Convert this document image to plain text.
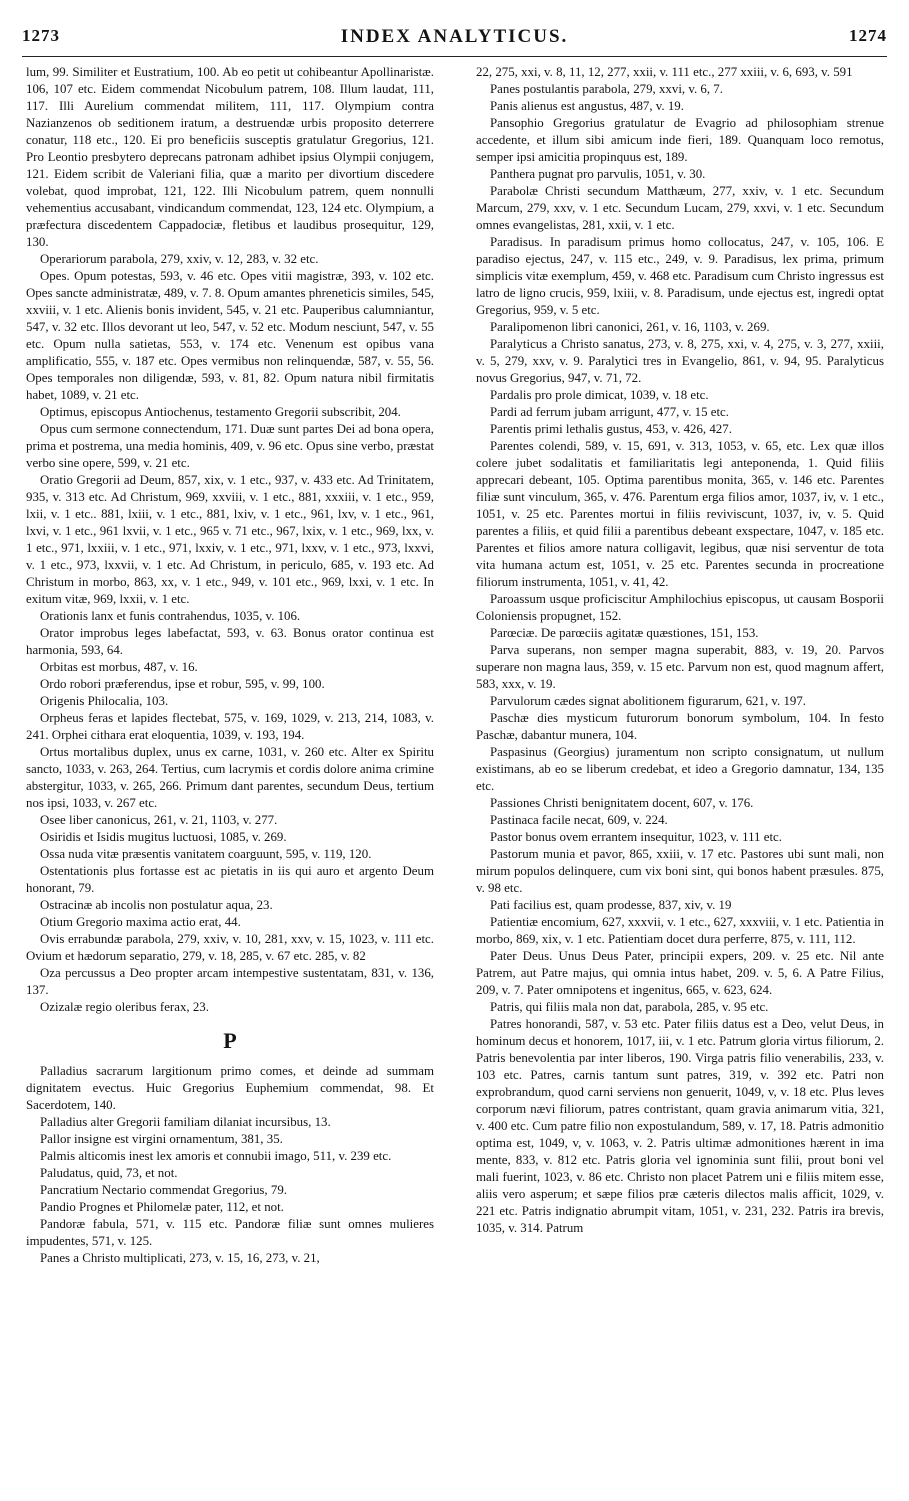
1273	INDEX ANALYTICUS.	1274

lum, 99. Similiter et Eustratium, 100. Ab eo petit ut cohibeantur Apollinaristæ. 106, 107 etc. Eidem commendat Nicobulum patrem, 108. Illum laudat, 111, 117. Illi Aurelium commendat militem, 111, 117. Olympium contra Nazianzenos ob seditionem iratum, a destruendæ urbis proposito deterrere conatur, 118 etc., 120. Ei pro beneficiis susceptis gratulatur Gregorius, 121. Pro Leontio presbytero deprecans patronam adhibet ipsius Olympii conjugem, 121. Eidem scribit de Valeriani filia, quæ a marito per divortium discedere volebat, quod improbat, 121, 122. Illi Nicobulum patrem, quem nonnulli vehementius accusabant, vindicandum commendat, 123, 124 etc. Olympium, a præfectura discedentem Cappadociæ, fletibus et laudibus prosequitur, 129, 130.

Operariorum parabola, 279, xxiv, v. 12, 283, v. 32 etc.

Opes. Opum potestas, 593, v. 46 etc. Opes vitii magistræ, 393, v. 102 etc. Opes sancte administratæ, 489, v. 7. 8. Opum amantes phreneticis similes, 545, xxviii, v. 1 etc. Alienis bonis invident, 545, v. 21 etc. Pauperibus calumniantur, 547, v. 32 etc. Illos devorant ut leo, 547, v. 52 etc. Modum nesciunt, 547, v. 55 etc. Opum nulla satietas, 553, v. 174 etc. Venenum est opibus vana amplificatio, 555, v. 187 etc. Opes vermibus non relinquendæ, 587, v. 55, 56. Opes temporales non diligendæ, 593, v. 81, 82. Opum natura nibil firmitatis habet, 1089, v. 21 etc.

Optimus, episcopus Antiochenus, testamento Gregorii subscribit, 204.

Opus cum sermone connectendum, 171. Duæ sunt partes Dei ad bona opera, prima et postrema, una media hominis, 409, v. 96 etc. Opus sine verbo, præstat verbo sine opere, 599, v. 21 etc.

Oratio Gregorii ad Deum, 857, xix, v. 1 etc., 937, v. 433 etc. Ad Trinitatem, 935, v. 313 etc. Ad Christum, 969, xxviii, v. 1 etc., 881, xxxiii, v. 1 etc., 959, lxii, v. 1 etc.. 881, lxiii, v. 1 etc., 881, lxiv, v. 1 etc., 961, lxv, v. 1 etc., 961, lxvi, v. 1 etc., 961 lxvii, v. 1 etc., 965 v. 71 etc., 967, lxix, v. 1 etc., 969, lxx, v. 1 etc., 971, lxxiii, v. 1 etc., 971, lxxiv, v. 1 etc., 971, lxxv, v. 1 etc., 973, lxxvi, v. 1 etc., 973, lxxvii, v. 1 etc. Ad Christum, in periculo, 685, v. 193 etc. Ad Christum in morbo, 863, xx, v. 1 etc., 949, v. 101 etc., 969, lxxi, v. 1 etc. In exitum vitæ, 969, lxxii, v. 1 etc.

Orationis lanx et funis contrahendus, 1035, v. 106.

Orator improbus leges labefactat, 593, v. 63. Bonus orator continua est harmonia, 593, 64.

Orbitas est morbus, 487, v. 16.

Ordo robori præferendus, ipse et robur, 595, v. 99, 100.

Origenis Philocalia, 103.

Orpheus feras et lapides flectebat, 575, v. 169, 1029, v. 213, 214, 1083, v. 241. Orphei cithara erat eloquentia, 1039, v. 193, 194.

Ortus mortalibus duplex, unus ex carne, 1031, v. 260 etc. Alter ex Spiritu sancto, 1033, v. 263, 264. Tertius, cum lacrymis et cordis dolore anima crimine abstergitur, 1033, v. 265, 266. Primum dant parentes, secundum Deus, tertium nos ipsi, 1033, v. 267 etc.

Osee liber canonicus, 261, v. 21, 1103, v. 277.

Osiridis et Isidis mugitus luctuosi, 1085, v. 269.

Ossa nuda vitæ præsentis vanitatem coarguunt, 595, v. 119, 120.

Ostentationis plus fortasse est ac pietatis in iis qui auro et argento Deum honorant, 79.

Ostracinæ ab incolis non postulatur aqua, 23.

Otium Gregorio maxima actio erat, 44.

Ovis errabundæ parabola, 279, xxiv, v. 10, 281, xxv, v. 15, 1023, v. 111 etc. Ovium et hædorum separatio, 279, v. 18, 285, v. 67 etc. 285, v. 82

Oza percussus a Deo propter arcam intempestive sustentatam, 831, v. 136, 137.

Ozizalæ regio oleribus ferax, 23.

P

Palladius sacrarum largitionum primo comes, et deinde ad summam dignitatem evectus. Huic Gregorius Euphemium commendat, 98. Et Sacerdotem, 140.

Palladius alter Gregorii familiam dilaniat incursibus, 13.

Pallor insigne est virgini ornamentum, 381, 35.

Palmis alticomis inest lex amoris et connubii imago, 511, v. 239 etc.

Paludatus, quid, 73, et not.

Pancratium Nectario commendat Gregorius, 79.

Pandio Prognes et Philomelæ pater, 112, et not.

Pandoræ fabula, 571, v. 115 etc. Pandoræ filiæ sunt omnes mulieres impudentes, 571, v. 125.

Panes a Christo multiplicati, 273, v. 15, 16, 273, v. 21,

22, 275, xxi, v. 8, 11, 12, 277, xxii, v. 111 etc., 277 xxiii, v. 6, 693, v. 591

Panes postulantis parabola, 279, xxvi, v. 6, 7.

Panis alienus est angustus, 487, v. 19.

Pansophio Gregorius gratulatur de Evagrio ad philosophiam strenue accedente, et illum sibi amicum inde fieri, 189. Quanquam loco remotus, semper ipsi amicitia propinquus est, 189.

Panthera pugnat pro parvulis, 1051, v. 30.

Parabolæ Christi secundum Matthæum, 277, xxiv, v. 1 etc. Secundum Marcum, 279, xxv, v. 1 etc. Secundum Lucam, 279, xxvi, v. 1 etc. Secundum omnes evangelistas, 281, xxii, v. 1 etc.

Paradisus. In paradisum primus homo collocatus, 247, v. 105, 106. E paradiso ejectus, 247, v. 115 etc., 249, v. 9. Paradisus, lex prima, primum simplicis vitæ exemplum, 459, v. 468 etc. Paradisum cum Christo ingressus est latro de ligno crucis, 959, lxiii, v. 8. Paradisum, unde ejectus est, ingredi optat Gregorius, 959, v. 5 etc.

Paralipomenon libri canonici, 261, v. 16, 1103, v. 269.

Paralyticus a Christo sanatus, 273, v. 8, 275, xxi, v. 4, 275, v. 3, 277, xxiii, v. 5, 279, xxv, v. 9. Paralytici tres in Evangelio, 861, v. 94, 95. Paralyticus novus Gregorius, 947, v. 71, 72.

Pardalis pro prole dimicat, 1039, v. 18 etc.

Pardi ad ferrum jubam arrigunt, 477, v. 15 etc.

Parentis primi lethalis gustus, 453, v. 426, 427.

Parentes colendi, 589, v. 15, 691, v. 313, 1053, v. 65, etc. Lex quæ illos colere jubet sodalitatis et familiaritatis legi anteponenda, 1. Quid filiis apprecari debeant, 105. Optima parentibus monita, 365, v. 146 etc. Parentes filiæ sunt vinculum, 365, v. 476. Parentum erga filios amor, 1037, iv, v. 1 etc., 1051, v. 25 etc. Parentes mortui in filiis reviviscunt, 1037, iv, v. 5. Quid parentes a filiis, et quid filii a parentibus debeant exspectare, 1047, v. 185 etc. Parentes et filios amore natura colligavit, legibus, quæ nisi serventur de tota vita humana actum est, 1051, v. 25 etc. Parentes secunda in procreatione filiorum instrumenta, 1051, v. 41, 42.

Paroassum usque proficiscitur Amphilochius episcopus, ut causam Bosporii Coloniensis propugnet, 152.

Parœciæ. De parœciis agitatæ quæstiones, 151, 153.

Parva superans, non semper magna superabit, 883, v. 19, 20. Parvos superare non magna laus, 359, v. 15 etc. Parvum non est, quod magnum affert, 583, xxx, v. 19.

Parvulorum cædes signat abolitionem figurarum, 621, v. 197.

Paschæ dies mysticum futurorum bonorum symbolum, 104. In festo Paschæ, dabantur munera, 104.

Paspasinus (Georgius) juramentum non scripto consignatum, ut nullum existimans, ab eo se liberum credebat, et ideo a Gregorio damnatur, 134, 135 etc.

Passiones Christi benignitatem docent, 607, v. 176.

Pastinaca facile necat, 609, v. 224.

Pastor bonus ovem errantem insequitur, 1023, v. 111 etc.

Pastorum munia et pavor, 865, xxiii, v. 17 etc. Pastores ubi sunt mali, non mirum populos delinquere, cum vix boni sint, qui bonos habent præsules. 875, v. 98 etc.

Pati facilius est, quam prodesse, 837, xiv, v. 19

Patientiæ encomium, 627, xxxvii, v. 1 etc., 627, xxxviii, v. 1 etc. Patientia in morbo, 869, xix, v. 1 etc. Patientiam docet dura perferre, 875, v. 111, 112.

Pater Deus. Unus Deus Pater, principii expers, 209. v. 25 etc. Nil ante Patrem, aut Patre majus, qui omnia intus habet, 209. v. 5, 6. A Patre Filius, 209, v. 7. Pater omnipotens et ingenitus, 665, v. 623, 624.

Patris, qui filiis mala non dat, parabola, 285, v. 95 etc.

Patres honorandi, 587, v. 53 etc. Pater filiis datus est a Deo, velut Deus, in hominum decus et honorem, 1017, iii, v. 1 etc. Patrum gloria virtus filiorum, 2. Patris benevolentia par inter liberos, 190. Virga patris filio venerabilis, 233, v. 103 etc. Patres, carnis tantum sunt patres, 319, v. 392 etc. Patri non exprobrandum, quod carni serviens non genuerit, 1049, v, v. 18 etc. Plus leves corporum nævi filiorum, patres contristant, quam gravia animarum vitia, 321, v. 400 etc. Cum patre filio non expostulandum, 589, v. 17, 18. Patris admonitio optima est, 1049, v, v. 1063, v. 2. Patris ultimæ admonitiones hærent in ima mente, 833, v. 812 etc. Patris gloria vel ignominia sunt filii, prout boni vel mali fuerint, 1023, v. 86 etc. Christo non placet Patrem uni e filiis mitem esse, aliis vero asperum; et sæpe filios præ cæteris dilectos malis afficit, 1029, v. 221 etc. Patris indignatio abrumpit vitam, 1051, v. 231, 232. Patris ira brevis, 1035, v. 314. Patrum
